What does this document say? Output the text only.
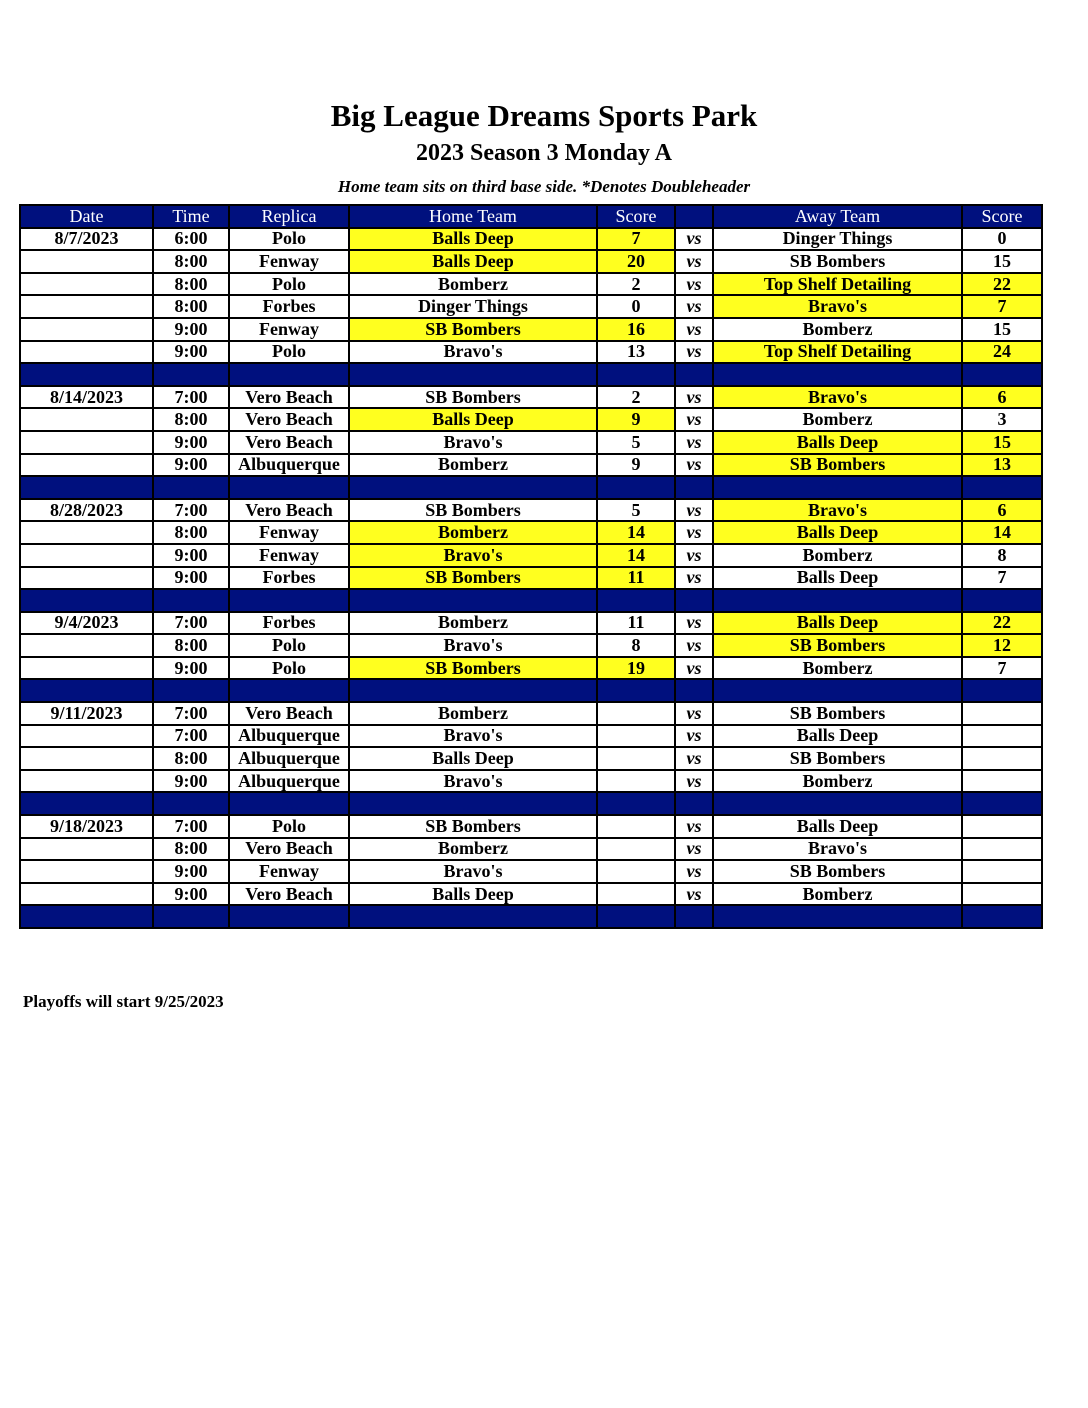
Big League Dreams Sports Park
2023 Season 3 Monday A
Home team sits on third base side. *Denotes Doubleheader
Date	Time	Replica	Home Team	Score		Away Team	Score
8/7/2023	6:00	Polo	Balls Deep	7	vs	Dinger Things	0
	8:00	Fenway	Balls Deep	20	vs	SB Bombers	15
	8:00	Polo	Bomberz	2	vs	Top Shelf Detailing	22
	8:00	Forbes	Dinger Things	0	vs	Bravo's	7
	9:00	Fenway	SB Bombers	16	vs	Bomberz	15
	9:00	Polo	Bravo's	13	vs	Top Shelf Detailing	24

8/14/2023	7:00	Vero Beach	SB Bombers	2	vs	Bravo's	6
	8:00	Vero Beach	Balls Deep	9	vs	Bomberz	3
	9:00	Vero Beach	Bravo's	5	vs	Balls Deep	15
	9:00	Albuquerque	Bomberz	9	vs	SB Bombers	13

8/28/2023	7:00	Vero Beach	SB Bombers	5	vs	Bravo's	6
	8:00	Fenway	Bomberz	14	vs	Balls Deep	14
	9:00	Fenway	Bravo's	14	vs	Bomberz	8
	9:00	Forbes	SB Bombers	11	vs	Balls Deep	7

9/4/2023	7:00	Forbes	Bomberz	11	vs	Balls Deep	22
	8:00	Polo	Bravo's	8	vs	SB Bombers	12
	9:00	Polo	SB Bombers	19	vs	Bomberz	7

9/11/2023	7:00	Vero Beach	Bomberz		vs	SB Bombers	
	7:00	Albuquerque	Bravo's		vs	Balls Deep	
	8:00	Albuquerque	Balls Deep		vs	SB Bombers	
	9:00	Albuquerque	Bravo's		vs	Bomberz	

9/18/2023	7:00	Polo	SB Bombers		vs	Balls Deep	
	8:00	Vero Beach	Bomberz		vs	Bravo's	
	9:00	Fenway	Bravo's		vs	SB Bombers	
	9:00	Vero Beach	Balls Deep		vs	Bomberz	

Playoffs will start 9/25/2023
